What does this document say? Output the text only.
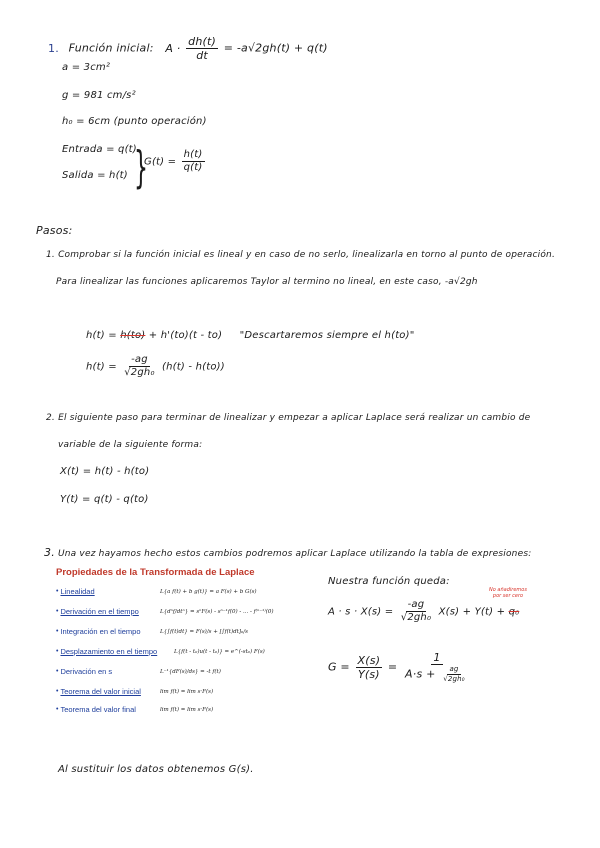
1. Función inicial: $A \cdot \frac{dh(t)}{dt} = -a√2gh(t) + q(t)$
a = 3cm²
g = 981 cm/s²
h₀ = 6cm (punto operación)
Entrada = q(t)
Salida = h(t) }
$G(t) = \frac{h(t)}{q(t)}$
Pasos:
1. Comprobar si la función inicial es lineal y en caso de no serlo, linealizarla en torno al punto de operación.
Para linealizar las funciones aplicaremos Taylor al termino no lineal, en este caso, -a√2gh
h(t) = h(to) + h'(to)(t - to) "Descartaremos siempre el h(to)"
$h(t) = \frac{-ag}{\text{√2gh₀}} (h(t) - h(to))$
2. El siguiente paso para terminar de linealizar y empezar a aplicar Laplace será realizar un cambio de
variable de la siguiente forma:
X(t) = h(t) - h(to)
Y(t) = q(t) - q(to)
3. Una vez hayamos hecho estos cambios podremos aplicar Laplace utilizando la tabla de expresiones:
Propiedades de la Transformada de Laplace
• Linealidad	L{a f(t) + b g(t)} = a F(s) + b G(s)
• Derivación en el tiempo	L{dⁿf/dtⁿ} = sⁿF(s) - sⁿ⁻¹f(0) - ... - f⁽ⁿ⁻¹⁾(0)
• Integración en el tiempo	L{∫f(t)dt} = F(s)/s + [∫f(t)dt]₀/s
• Desplazamiento en el tiempo	L{f(t - t₀)u(t - t₀)} = e^(-st₀) F(s)
• Derivación en s	L⁻¹{dF(s)/ds} = -t f(t)
• Teorema del valor inicial	lim f(t) = lim s·F(s)
• Teorema del valor final	lim f(t) = lim s·F(s)
Nuestra función queda:
$A \cdot s \cdot X(s) = \frac{-ag}{\text{√2gh₀}} X(s) + Y(t) + q_0$
No añadiremos por ser cero
$G = \frac{X(s)}{Y(s)} = \frac{1}{A\cdot s + \frac{ag}{\text{√2gh₀}}}$
Al sustituir los datos obtenemos G(s).
